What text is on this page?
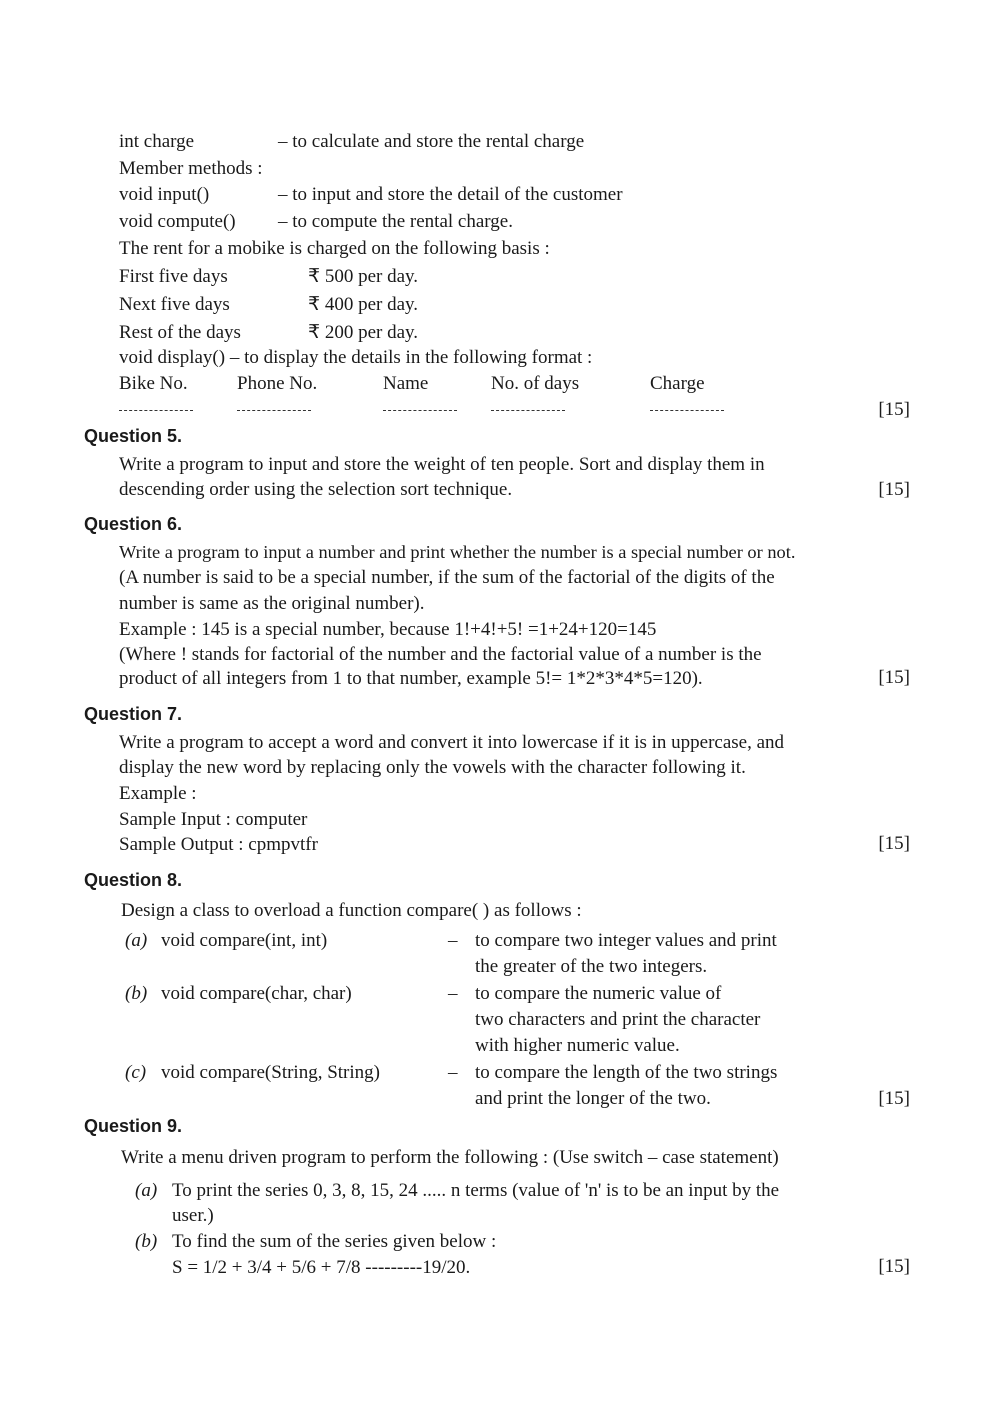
int charge	– to calculate and store the rental charge
Member methods :
void input()	– to input and store the detail of the customer
void compute() – to compute the rental charge.
The rent for a mobike is charged on the following basis :
First five days	₹ 500 per day.
Next five days	₹ 400 per day.
Rest of the days	₹ 200 per day.
void display() – to display the details in the following format :
Bike No.	Phone No.	Name	No. of days	Charge
[15]
Question 5.
Write a program to input and store the weight of ten people. Sort and display them in
descending order using the selection sort technique.	[15]
Question 6.
Write a program to input a number and print whether the number is a special number or not.
(A number is said to be a special number, if the sum of the factorial of the digits of the
number is same as the original number).
Example : 145 is a special number, because 1!+4!+5! =1+24+120=145
(Where ! stands for factorial of the number and the factorial value of a number is the
product of all integers from 1 to that number, example 5!= 1*2*3*4*5=120).	[15]
Question 7.
Write a program to accept a word and convert it into lowercase if it is in uppercase, and
display the new word by replacing only the vowels with the character following it.
Example :
Sample Input : computer
Sample Output : cpmpvtfr	[15]
Question 8.
Design a class to overload a function compare( ) as follows :
(a) void compare(int, int)	– to compare two integer values and print
the greater of the two integers.
(b) void compare(char, char)	– to compare the numeric value of
two characters and print the character
with higher numeric value.
(c) void compare(String, String)	– to compare the length of the two strings
and print the longer of the two.	[15]
Question 9.
Write a menu driven program to perform the following : (Use switch – case statement)
(a) To print the series 0, 3, 8, 15, 24 ..... n terms (value of 'n' is to be an input by the
user.)
(b) To find the sum of the series given below :
S = 1/2 + 3/4 + 5/6 + 7/8 ---------19/20.	[15]
